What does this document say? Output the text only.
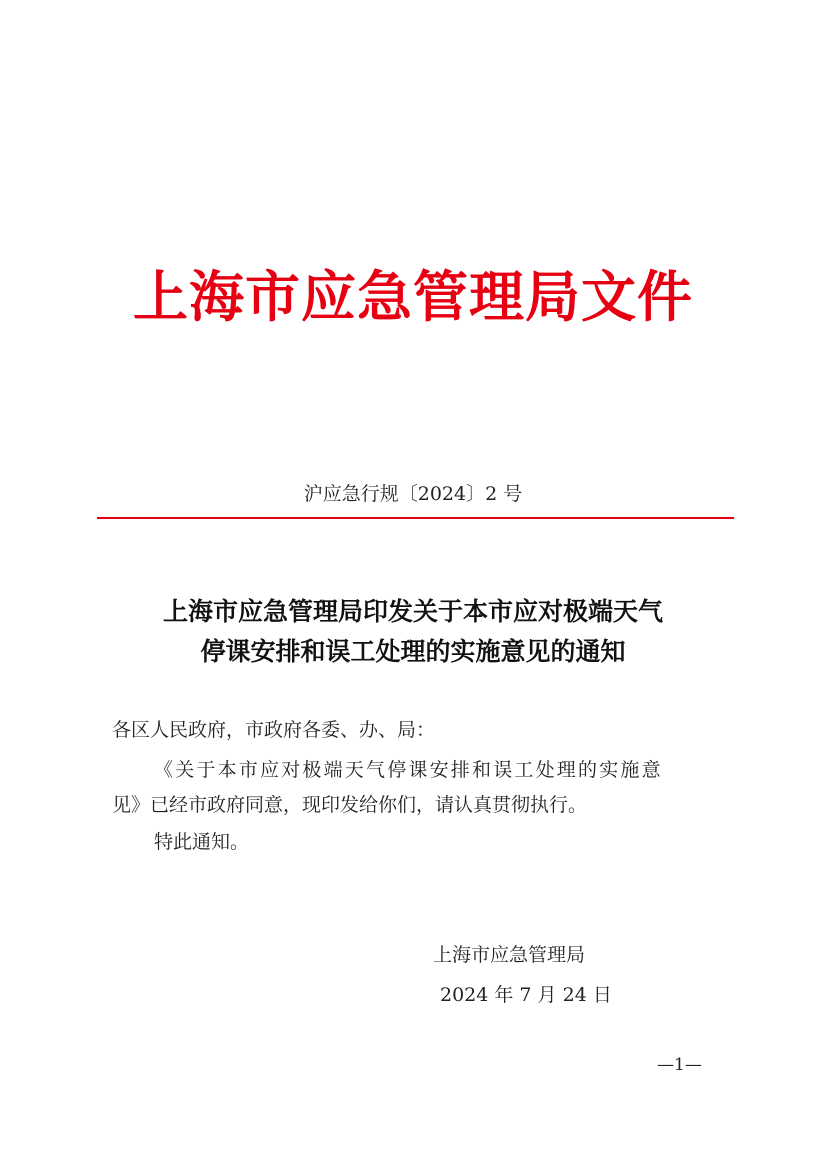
上海市应急管理局文件

沪应急行规〔2024〕2 号

上海市应急管理局印发关于本市应对极端天气
停课安排和误工处理的实施意见的通知

各区人民政府，市政府各委、办、局：

《关于本市应对极端天气停课安排和误工处理的实施意

见》已经市政府同意，现印发给你们，请认真贯彻执行。

特此通知。

上海市应急管理局

2024 年 7 月 24 日

—1—
